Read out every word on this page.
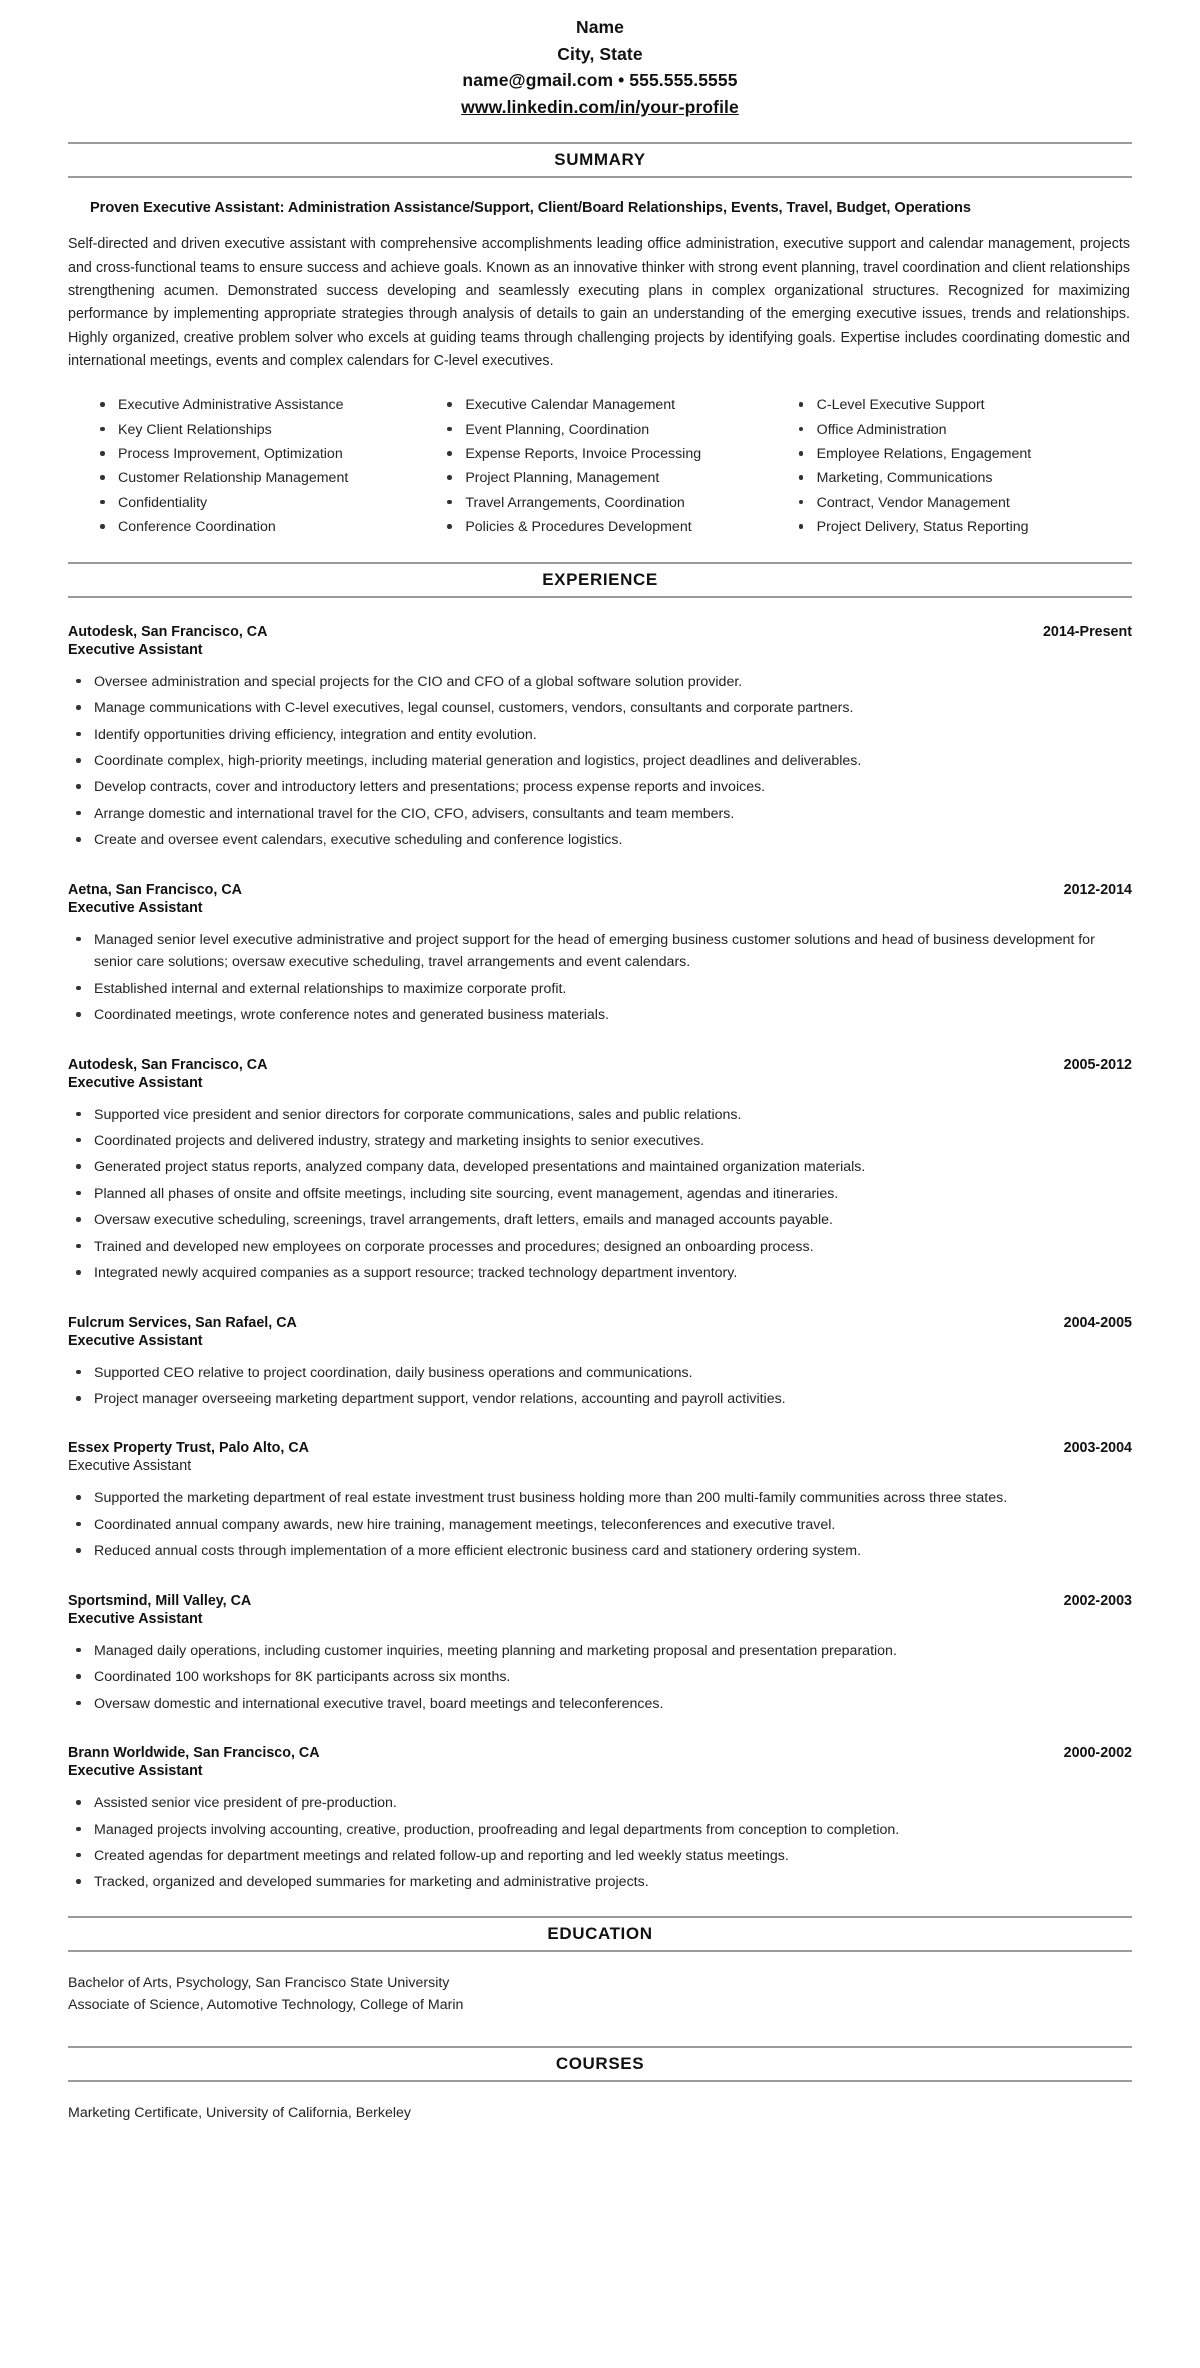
Name
City, State
name@gmail.com • 555.555.5555
www.linkedin.com/in/your-profile
SUMMARY
Proven Executive Assistant: Administration Assistance/Support, Client/Board Relationships, Events, Travel, Budget, Operations
Self-directed and driven executive assistant with comprehensive accomplishments leading office administration, executive support and calendar management, projects and cross-functional teams to ensure success and achieve goals. Known as an innovative thinker with strong event planning, travel coordination and client relationships strengthening acumen. Demonstrated success developing and seamlessly executing plans in complex organizational structures. Recognized for maximizing performance by implementing appropriate strategies through analysis of details to gain an understanding of the emerging executive issues, trends and relationships. Highly organized, creative problem solver who excels at guiding teams through challenging projects by identifying goals. Expertise includes coordinating domestic and international meetings, events and complex calendars for C-level executives.
Executive Administrative Assistance
Key Client Relationships
Process Improvement, Optimization
Customer Relationship Management
Confidentiality
Conference Coordination
Executive Calendar Management
Event Planning, Coordination
Expense Reports, Invoice Processing
Project Planning, Management
Travel Arrangements, Coordination
Policies & Procedures Development
C-Level Executive Support
Office Administration
Employee Relations, Engagement
Marketing, Communications
Contract, Vendor Management
Project Delivery, Status Reporting
EXPERIENCE
Autodesk, San Francisco, CA	2014-Present
Executive Assistant
Oversee administration and special projects for the CIO and CFO of a global software solution provider.
Manage communications with C-level executives, legal counsel, customers, vendors, consultants and corporate partners.
Identify opportunities driving efficiency, integration and entity evolution.
Coordinate complex, high-priority meetings, including material generation and logistics, project deadlines and deliverables.
Develop contracts, cover and introductory letters and presentations; process expense reports and invoices.
Arrange domestic and international travel for the CIO, CFO, advisers, consultants and team members.
Create and oversee event calendars, executive scheduling and conference logistics.
Aetna, San Francisco, CA	2012-2014
Executive Assistant
Managed senior level executive administrative and project support for the head of emerging business customer solutions and head of business development for senior care solutions; oversaw executive scheduling, travel arrangements and event calendars.
Established internal and external relationships to maximize corporate profit.
Coordinated meetings, wrote conference notes and generated business materials.
Autodesk, San Francisco, CA	2005-2012
Executive Assistant
Supported vice president and senior directors for corporate communications, sales and public relations.
Coordinated projects and delivered industry, strategy and marketing insights to senior executives.
Generated project status reports, analyzed company data, developed presentations and maintained organization materials.
Planned all phases of onsite and offsite meetings, including site sourcing, event management, agendas and itineraries.
Oversaw executive scheduling, screenings, travel arrangements, draft letters, emails and managed accounts payable.
Trained and developed new employees on corporate processes and procedures; designed an onboarding process.
Integrated newly acquired companies as a support resource; tracked technology department inventory.
Fulcrum Services, San Rafael, CA	2004-2005
Executive Assistant
Supported CEO relative to project coordination, daily business operations and communications.
Project manager overseeing marketing department support, vendor relations, accounting and payroll activities.
Essex Property Trust, Palo Alto, CA	2003-2004
Executive Assistant
Supported the marketing department of real estate investment trust business holding more than 200 multi-family communities across three states.
Coordinated annual company awards, new hire training, management meetings, teleconferences and executive travel.
Reduced annual costs through implementation of a more efficient electronic business card and stationery ordering system.
Sportsmind, Mill Valley, CA	2002-2003
Executive Assistant
Managed daily operations, including customer inquiries, meeting planning and marketing proposal and presentation preparation.
Coordinated 100 workshops for 8K participants across six months.
Oversaw domestic and international executive travel, board meetings and teleconferences.
Brann Worldwide, San Francisco, CA	2000-2002
Executive Assistant
Assisted senior vice president of pre-production.
Managed projects involving accounting, creative, production, proofreading and legal departments from conception to completion.
Created agendas for department meetings and related follow-up and reporting and led weekly status meetings.
Tracked, organized and developed summaries for marketing and administrative projects.
EDUCATION
Bachelor of Arts, Psychology, San Francisco State University
Associate of Science, Automotive Technology, College of Marin
COURSES
Marketing Certificate, University of California, Berkeley
